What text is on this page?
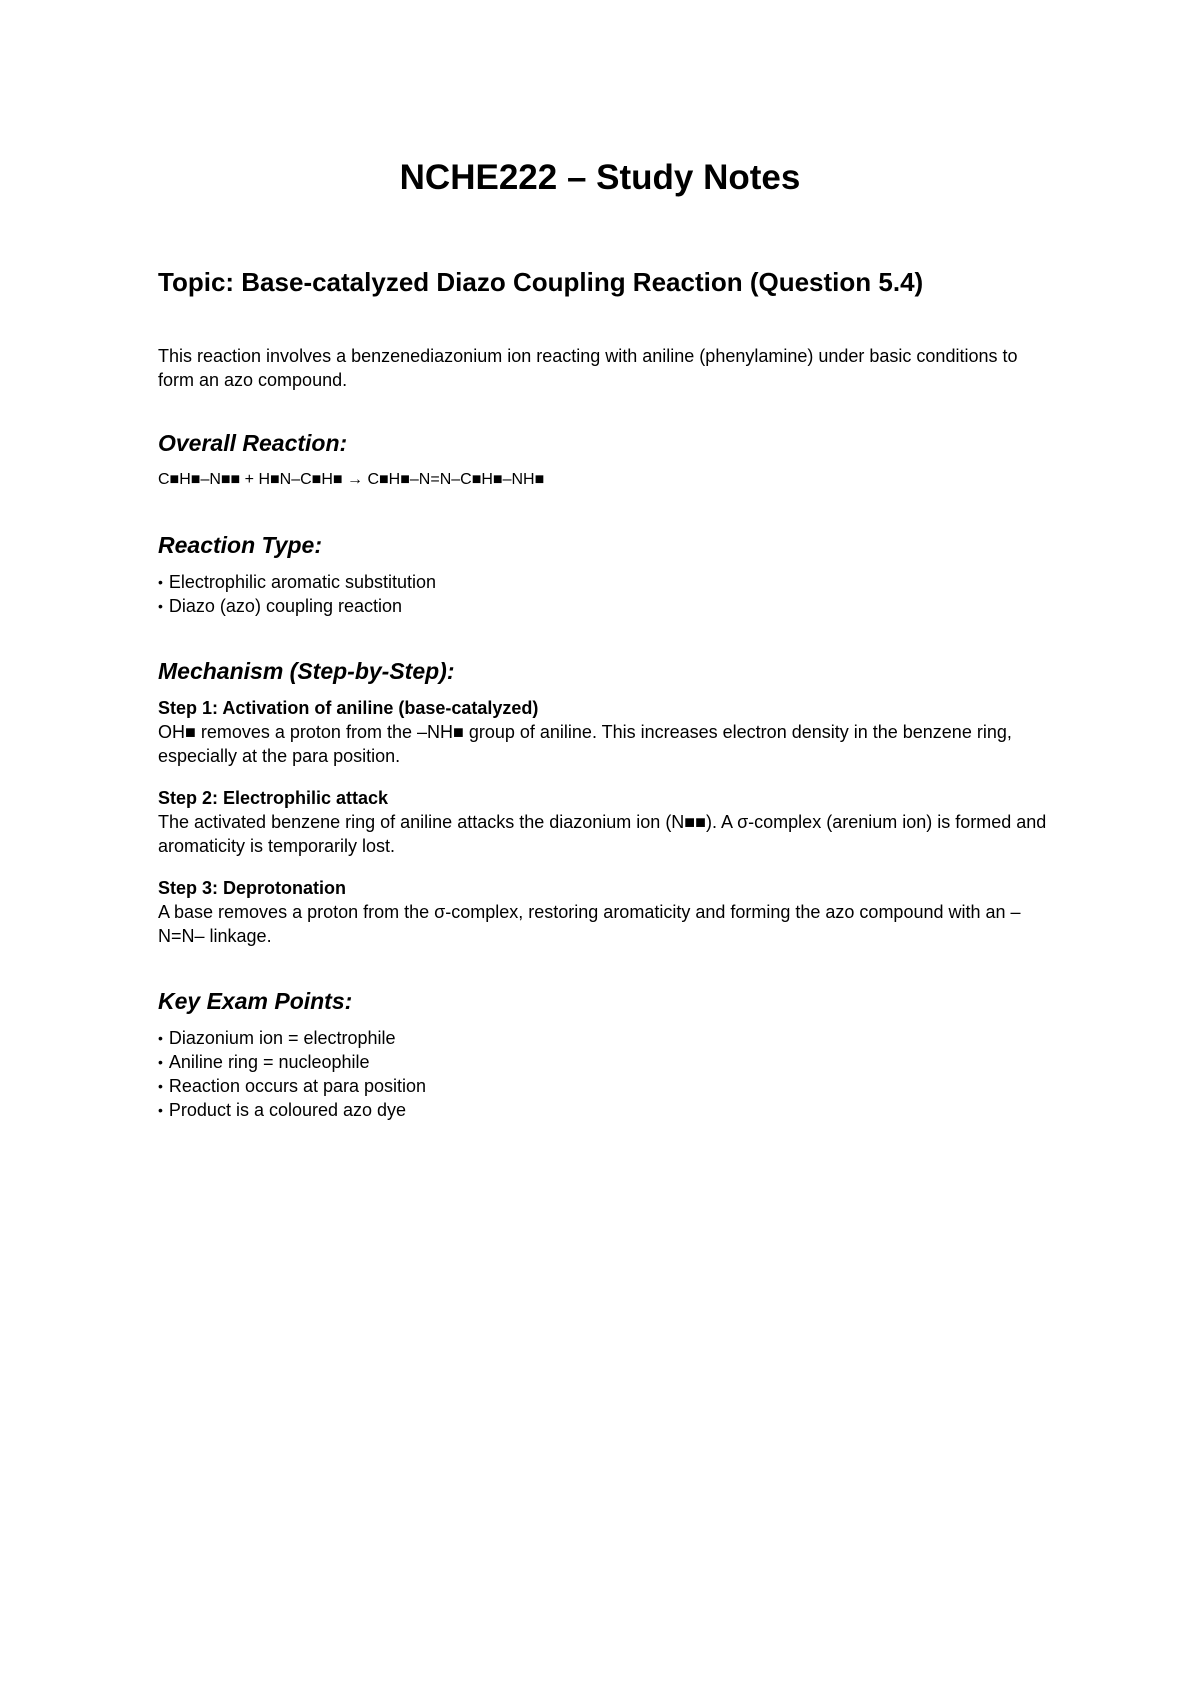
NCHE222 – Study Notes
Topic: Base-catalyzed Diazo Coupling Reaction (Question 5.4)

This reaction involves a benzenediazonium ion reacting with aniline (phenylamine) under basic conditions to form an azo compound.

Overall Reaction:

C■H■–N■■ + H■N–C■H■ → C■H■–N=N–C■H■–NH■

Reaction Type:
• Electrophilic aromatic substitution
• Diazo (azo) coupling reaction
Mechanism (Step-by-Step):

Step 1: Activation of aniline (base-catalyzed)

OH■ removes a proton from the –NH■ group of aniline. This increases electron density in the benzene ring, especially at the para position.

Step 2: Electrophilic attack

The activated benzene ring of aniline attacks the diazonium ion (N■■). A σ-complex (arenium ion) is formed and aromaticity is temporarily lost.

Step 3: Deprotonation

A base removes a proton from the σ-complex, restoring aromaticity and forming the azo compound with an –N=N– linkage.

Key Exam Points:
• Diazonium ion = electrophile
• Aniline ring = nucleophile
• Reaction occurs at para position
• Product is a coloured azo dye
